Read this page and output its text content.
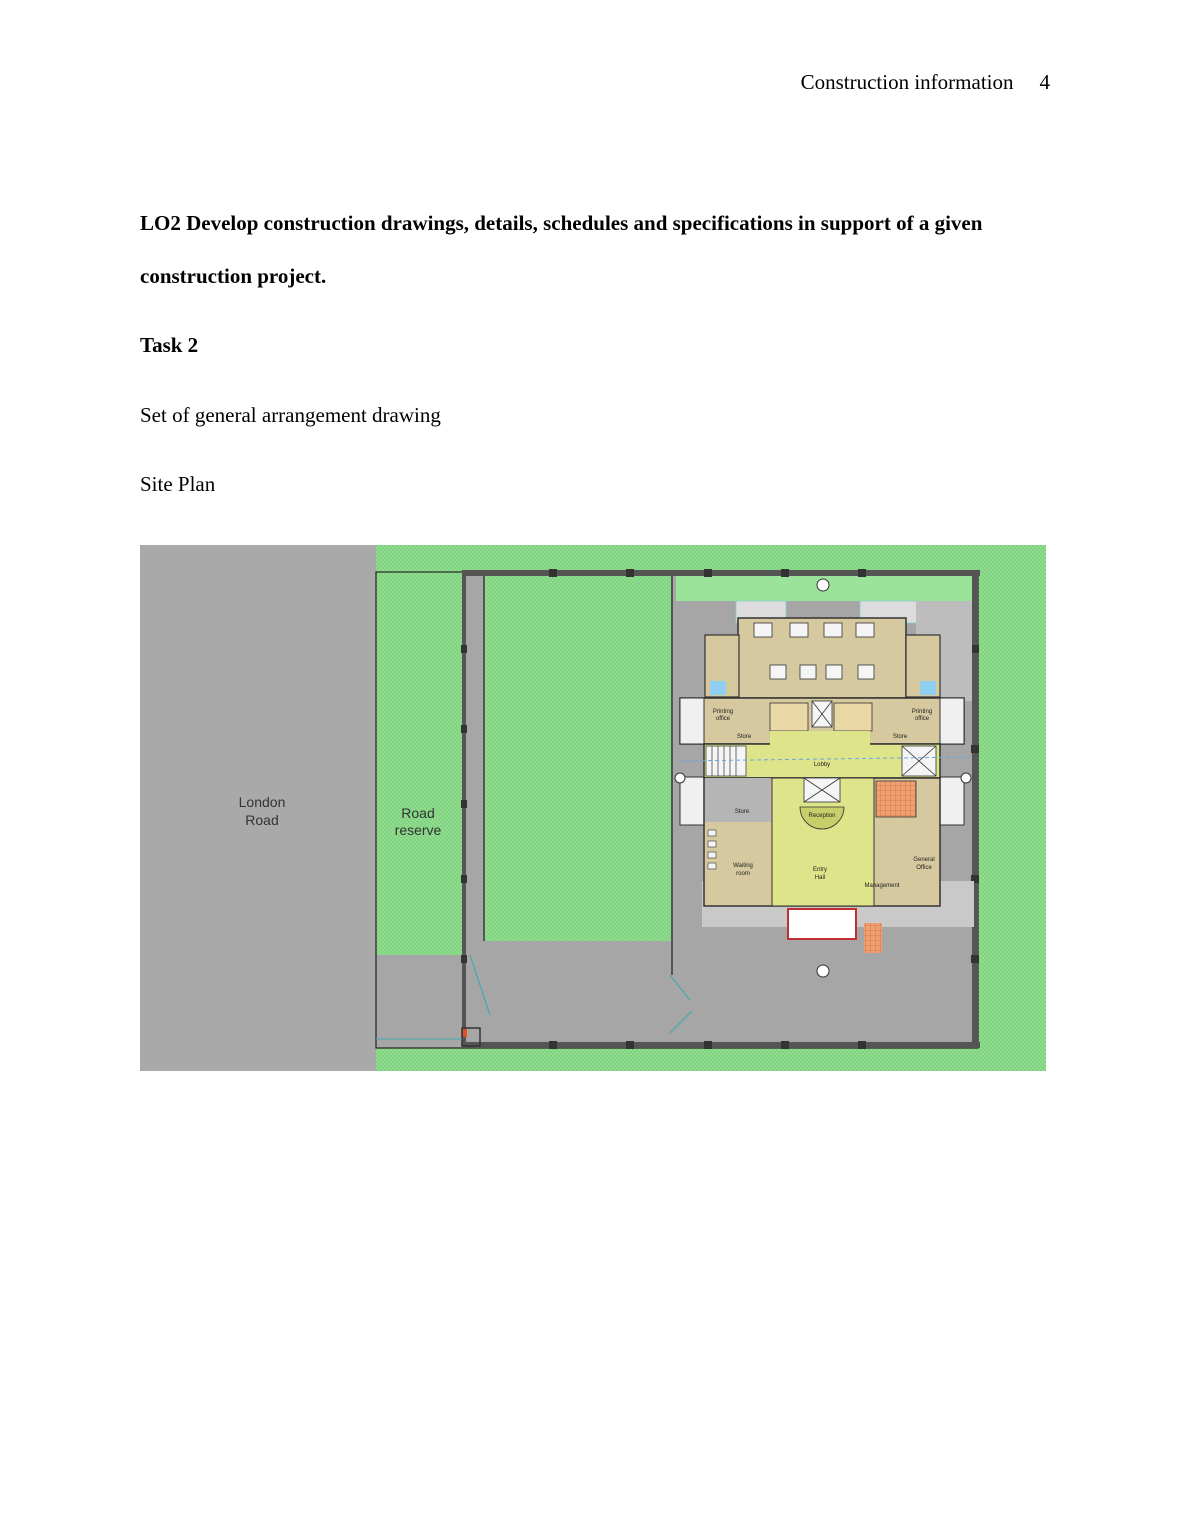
Construction information 4
LO2 Develop construction drawings, details, schedules and specifications in support of a given construction project.
Task 2
Set of general arrangement drawing
Site Plan
London
Road	Road
reserve
Printing
office
Printing
office
Store	Store
Lobby
Store
Reception
Entry
Hall
Waiting
room
General
Office
Management
